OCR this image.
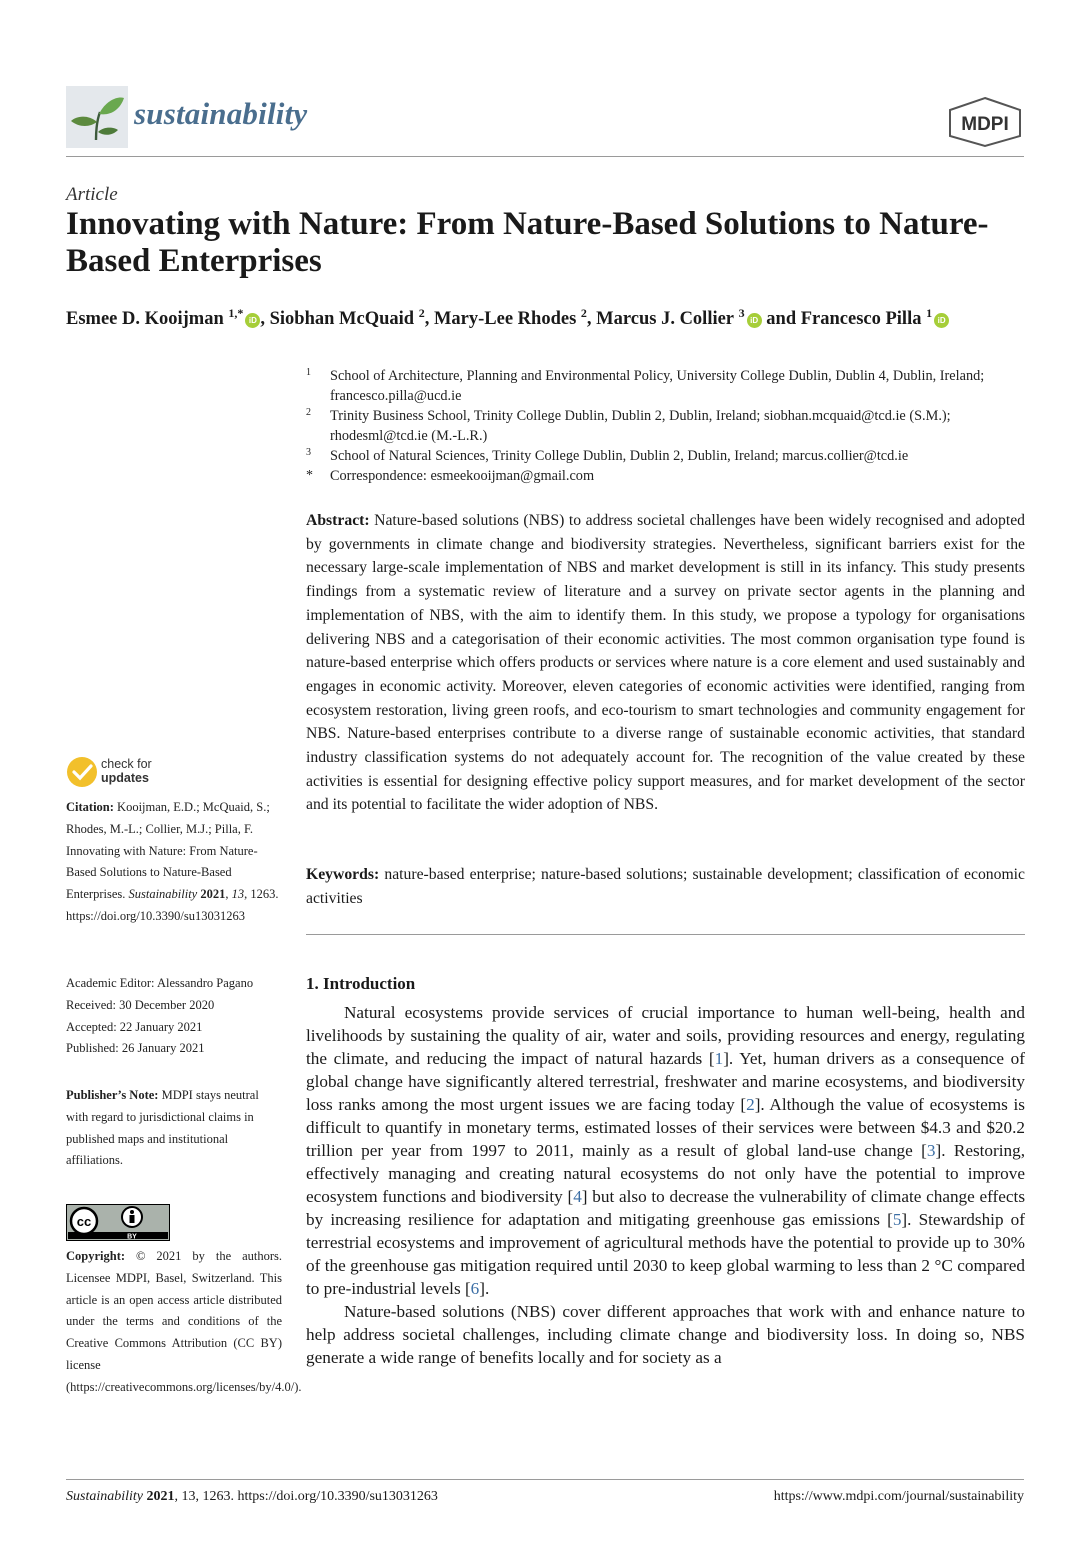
sustainability	MDPI
Article
Innovating with Nature: From Nature-Based Solutions to Nature-Based Enterprises
Esmee D. Kooijman $^{1,*}$iD , Siobhan McQuaid $^2$, Mary-Lee Rhodes $^2$, Marcus J. Collier $^3$iD and Francesco Pilla $^1$iD
1 School of Architecture, Planning and Environmental Policy, University College Dublin, Dublin 4, Dublin, Ireland; francesco.pilla@ucd.ie
2 Trinity Business School, Trinity College Dublin, Dublin 2, Dublin, Ireland; siobhan.mcquaid@tcd.ie (S.M.); rhodesml@tcd.ie (M.-L.R.)
3 School of Natural Sciences, Trinity College Dublin, Dublin 2, Dublin, Ireland; marcus.collier@tcd.ie
* Correspondence: esmeekooijman@gmail.com
Abstract: Nature-based solutions (NBS) to address societal challenges have been widely recognised and adopted by governments in climate change and biodiversity strategies. Nevertheless, significant barriers exist for the necessary large-scale implementation of NBS and market development is still in its infancy. This study presents findings from a systematic review of literature and a survey on private sector agents in the planning and implementation of NBS, with the aim to identify them. In this study, we propose a typology for organisations delivering NBS and a categorisation of their economic activities. The most common organisation type found is nature-based enterprise which offers products or services where nature is a core element and used sustainably and engages in economic activity. Moreover, eleven categories of economic activities were identified, ranging from ecosystem restoration, living green roofs, and eco-tourism to smart technologies and community engagement for NBS. Nature-based enterprises contribute to a diverse range of sustainable economic activities, that standard industry classification systems do not adequately account for. The recognition of the value created by these activities is essential for designing effective policy support measures, and for market development of the sector and its potential to facilitate the wider adoption of NBS.
Keywords: nature-based enterprise; nature-based solutions; sustainable development; classification of economic activities
1. Introduction

Natural ecosystems provide services of crucial importance to human well-being, health and livelihoods by sustaining the quality of air, water and soils, providing resources and energy, regulating the climate, and reducing the impact of natural hazards [1]. Yet, human drivers as a consequence of global change have significantly altered terrestrial, freshwater and marine ecosystems, and biodiversity loss ranks among the most urgent issues we are facing today [2]. Although the value of ecosystems is difficult to quantify in monetary terms, estimated losses of their services were between $4.3 and $20.2 trillion per year from 1997 to 2011, mainly as a result of global land-use change [3]. Restoring, effectively managing and creating natural ecosystems do not only have the potential to improve ecosystem functions and biodiversity [4] but also to decrease the vulnerability of climate change effects by increasing resilience for adaptation and mitigating greenhouse gas emissions [5]. Stewardship of terrestrial ecosystems and improvement of agricultural methods have the potential to provide up to 30% of the greenhouse gas mitigation required until 2030 to keep global warming to less than 2 °C compared to pre-industrial levels [6].

Nature-based solutions (NBS) cover different approaches that work with and enhance nature to help address societal challenges, including climate change and biodiversity loss. In doing so, NBS generate a wide range of benefits locally and for society as a

check for
updates
Citation: Kooijman, E.D.; McQuaid, S.; Rhodes, M.-L.; Collier, M.J.; Pilla, F. Innovating with Nature: From Nature-Based Solutions to Nature-Based Enterprises. Sustainability 2021, 13, 1263. https://doi.org/10.3390/su13031263
Academic Editor: Alessandro Pagano
Received: 30 December 2020
Accepted: 22 January 2021
Published: 26 January 2021
Publisher’s Note: MDPI stays neutral with regard to jurisdictional claims in published maps and institutional affiliations.
cc
BY
Copyright: © 2021 by the authors. Licensee MDPI, Basel, Switzerland. This article is an open access article distributed under the terms and conditions of the Creative Commons Attribution (CC BY) license (https://creativecommons.org/licenses/by/4.0/).
Sustainability 2021, 13, 1263. https://doi.org/10.3390/su13031263	https://www.mdpi.com/journal/sustainability
